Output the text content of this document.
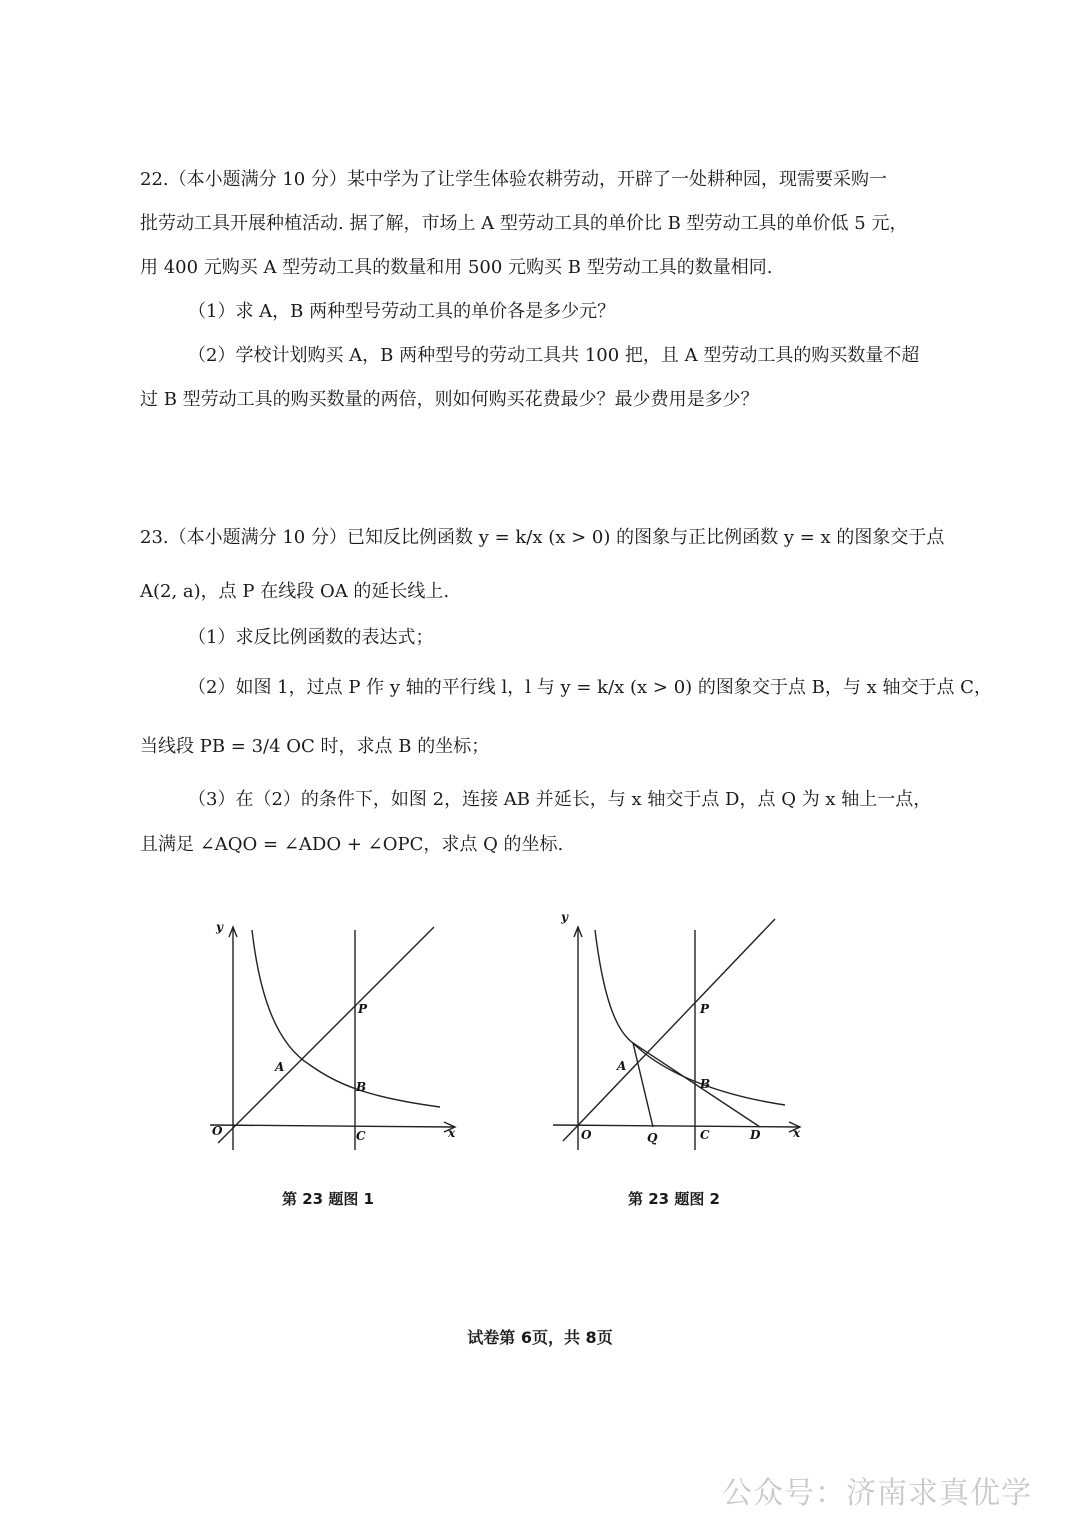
22.（本小题满分 10 分）某中学为了让学生体验农耕劳动，开辟了一处耕种园，现需要采购一
批劳动工具开展种植活动. 据了解，市场上 A 型劳动工具的单价比 B 型劳动工具的单价低 5 元，
用 400 元购买 A 型劳动工具的数量和用 500 元购买 B 型劳动工具的数量相同.
（1）求 A，B 两种型号劳动工具的单价各是多少元？
（2）学校计划购买 A，B 两种型号的劳动工具共 100 把，且 A 型劳动工具的购买数量不超
过 B 型劳动工具的购买数量的两倍，则如何购买花费最少？最少费用是多少？
23.（本小题满分 10 分）已知反比例函数 y = k/x (x > 0) 的图象与正比例函数 y = x 的图象交于点
A(2, a)，点 P 在线段 OA 的延长线上.
（1）求反比例函数的表达式；
（2）如图 1，过点 P 作 y 轴的平行线 l，l 与 y = k/x (x > 0) 的图象交于点 B，与 x 轴交于点 C，
当线段 PB = 3/4 OC 时，求点 B 的坐标；
（3）在（2）的条件下，如图 2，连接 AB 并延长，与 x 轴交于点 D，点 Q 为 x 轴上一点，
且满足 ∠AQO = ∠ADO + ∠OPC，求点 Q 的坐标.
y
x
O
A
P
B
C
第 23 题图 1
y
x
O
A
P
B
C
Q	D
第 23 题图 2
试卷第 6页，共 8页
公众号：济南求真优学
